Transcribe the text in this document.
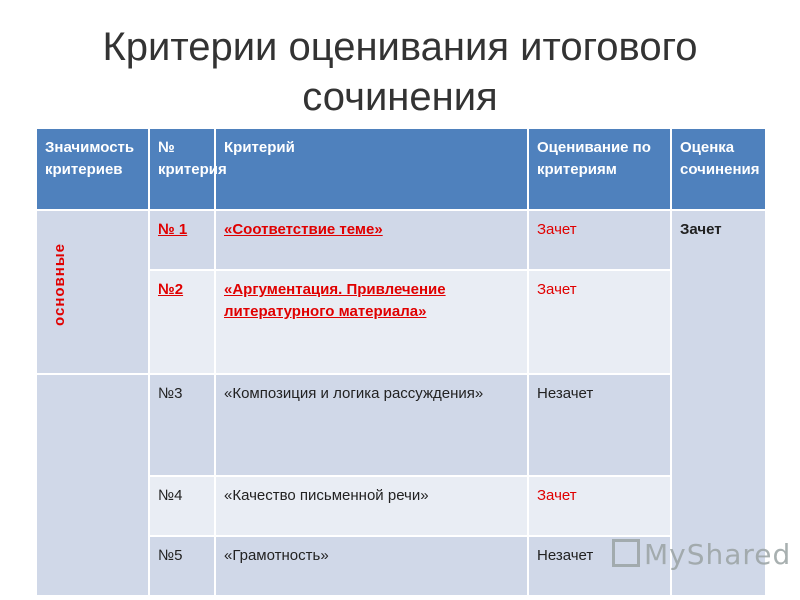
Критерии оценивания итогового
сочинения
Значимость критериев	№ критерия	Критерий	Оценивание по критериям	Оценка сочинения

основные	№ 1	«Соответствие теме»	Зачет	Зачет
	№2	«Аргументация. Привлечение литературного материала»	Зачет	
	№3	«Композиция и логика рассуждения»	Незачет	
	№4	«Качество письменной речи»	Зачет	
	№5	«Грамотность»	Незачет		MyShared
